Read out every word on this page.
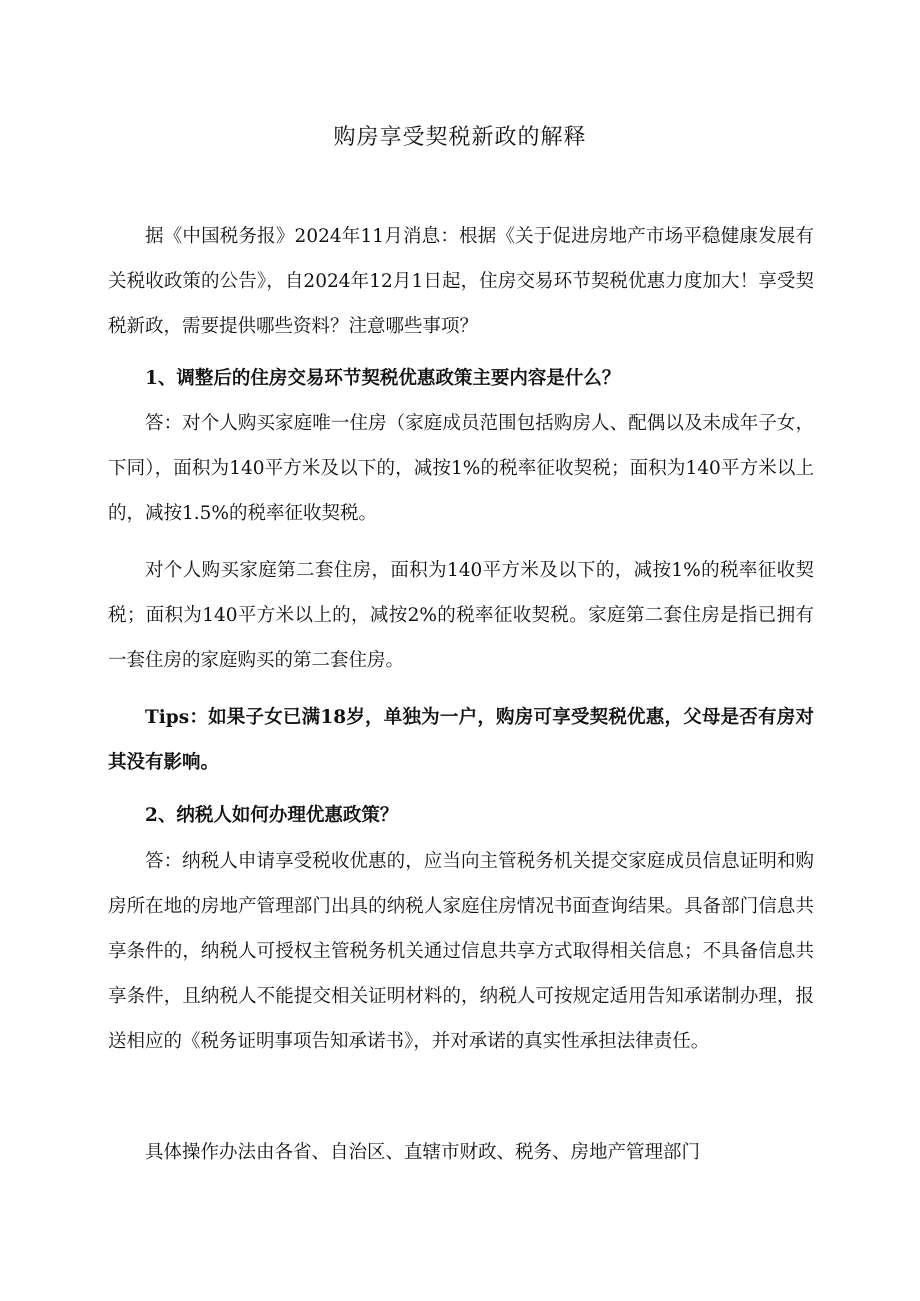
购房享受契税新政的解释

据《中国税务报》2024年11月消息：根据《关于促进房地产市场平稳健康发展有关税收政策的公告》，自2024年12月1日起，住房交易环节契税优惠力度加大！享受契税新政，需要提供哪些资料？注意哪些事项？

1、调整后的住房交易环节契税优惠政策主要内容是什么？

答：对个人购买家庭唯一住房（家庭成员范围包括购房人、配偶以及未成年子女，下同），面积为140平方米及以下的，减按1%的税率征收契税；面积为140平方米以上的，减按1.5%的税率征收契税。

对个人购买家庭第二套住房，面积为140平方米及以下的，减按1%的税率征收契税；面积为140平方米以上的，减按2%的税率征收契税。家庭第二套住房是指已拥有一套住房的家庭购买的第二套住房。

Tips：如果子女已满18岁，单独为一户，购房可享受契税优惠，父母是否有房对其没有影响。

2、纳税人如何办理优惠政策？

答：纳税人申请享受税收优惠的，应当向主管税务机关提交家庭成员信息证明和购房所在地的房地产管理部门出具的纳税人家庭住房情况书面查询结果。具备部门信息共享条件的，纳税人可授权主管税务机关通过信息共享方式取得相关信息；不具备信息共享条件，且纳税人不能提交相关证明材料的，纳税人可按规定适用告知承诺制办理，报送相应的《税务证明事项告知承诺书》，并对承诺的真实性承担法律责任。

具体操作办法由各省、自治区、直辖市财政、税务、房地产管理部门
